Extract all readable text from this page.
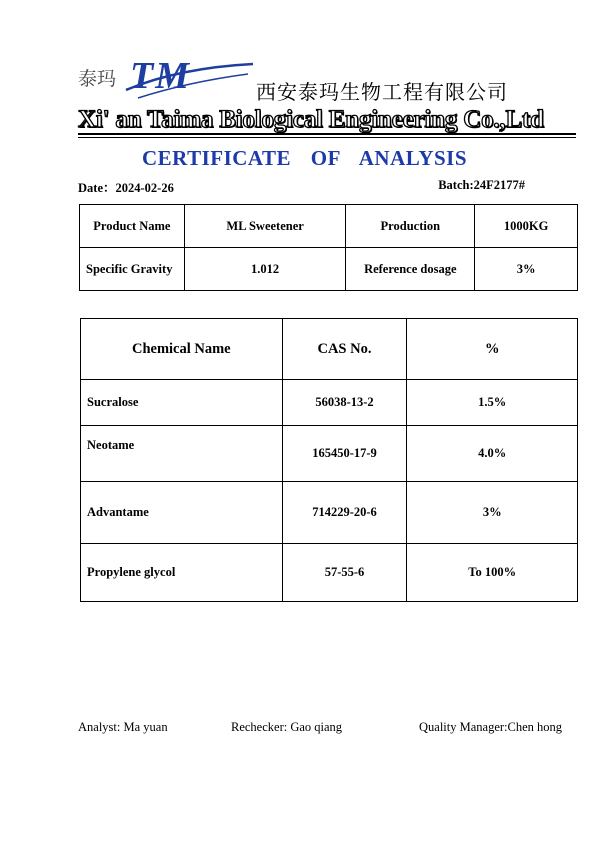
泰玛 TM	西安泰玛生物工程有限公司
Xi' an Taima Biological Engineering Co.,Ltd
CERTIFICATE OF ANALYSIS
Date：2024-02-26	Batch:24F2177#
Product Name	ML Sweetener	Production	1000KG
Specific Gravity	1.012	Reference dosage	3%
Chemical Name	CAS No.	%
Sucralose	56038-13-2	1.5%
Neotame	165450-17-9	4.0%
Advantame	714229-20-6	3%
Propylene glycol	57-55-6	To 100%
Analyst: Ma yuan	Rechecker: Gao qiang	Quality Manager:Chen hong
